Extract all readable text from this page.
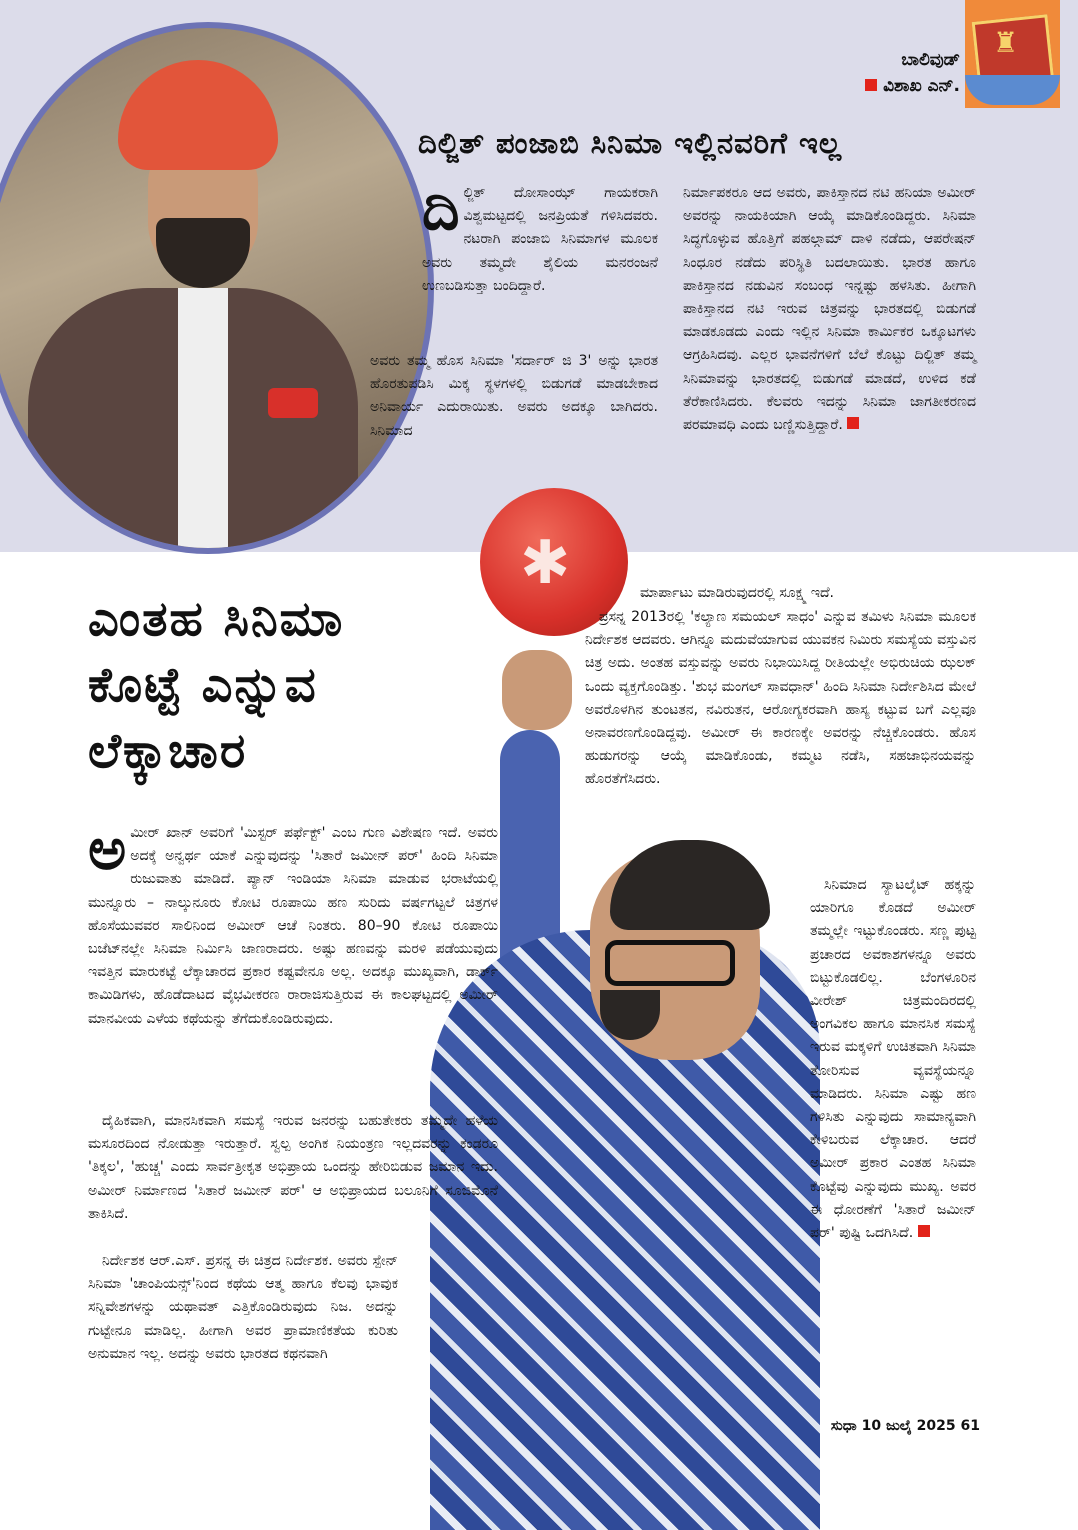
♜
ಬಾಲಿವುಡ್
ವಿಶಾಖ ಎನ್.
ದಿಲ್ಜಿತ್ ಪಂಜಾಬಿ ಸಿನಿಮಾ ಇಲ್ಲಿನವರಿಗೆ ಇಲ್ಲ
ದಿಲ್ಜಿತ್ ದೋಸಾಂಝ್ ಗಾಯಕರಾಗಿ ವಿಶ್ವಮಟ್ಟದಲ್ಲಿ ಜನಪ್ರಿಯತೆ ಗಳಿಸಿದವರು. ನಟರಾಗಿ ಪಂಜಾಬಿ ಸಿನಿಮಾಗಳ ಮೂಲಕ ಅವರು ತಮ್ಮದೇ ಶೈಲಿಯ ಮನರಂಜನೆ ಉಣಬಡಿಸುತ್ತಾ ಬಂದಿದ್ದಾರೆ.
ಅವರು ತಮ್ಮ ಹೊಸ ಸಿನಿಮಾ 'ಸರ್ದಾರ್ ಜಿ 3' ಅನ್ನು ಭಾರತ ಹೊರತುಪಡಿಸಿ ಮಿಕ್ಕ ಸ್ಥಳಗಳಲ್ಲಿ ಬಿಡುಗಡೆ ಮಾಡಬೇಕಾದ ಅನಿವಾರ್ಯ ಎದುರಾಯಿತು. ಅವರು ಅದಕ್ಕೂ ಬಾಗಿದರು. ಸಿನಿಮಾದ
ನಿರ್ಮಾಪಕರೂ ಆದ ಅವರು, ಪಾಕಿಸ್ತಾನದ ನಟಿ ಹನಿಯಾ ಅಮೀರ್ ಅವರನ್ನು ನಾಯಕಿಯಾಗಿ ಆಯ್ಕೆ ಮಾಡಿಕೊಂಡಿದ್ದರು. ಸಿನಿಮಾ ಸಿದ್ಧಗೊಳ್ಳುವ ಹೊತ್ತಿಗೆ ಪಹಲ್ಗಾಮ್ ದಾಳಿ ನಡೆದು, ಆಪರೇಷನ್ ಸಿಂಧೂರ ನಡೆದು ಪರಿಸ್ಥಿತಿ ಬದಲಾಯಿತು. ಭಾರತ ಹಾಗೂ ಪಾಕಿಸ್ತಾನದ ನಡುವಿನ ಸಂಬಂಧ ಇನ್ನಷ್ಟು ಹಳಸಿತು. ಹೀಗಾಗಿ ಪಾಕಿಸ್ತಾನದ ನಟಿ ಇರುವ ಚಿತ್ರವನ್ನು ಭಾರತದಲ್ಲಿ ಬಿಡುಗಡೆ ಮಾಡಕೂಡದು ಎಂದು ಇಲ್ಲಿನ ಸಿನಿಮಾ ಕಾರ್ಮಿಕರ ಒಕ್ಕೂಟಗಳು ಆಗ್ರಹಿಸಿದವು. ಎಲ್ಲರ ಭಾವನೆಗಳಿಗೆ ಬೆಲೆ ಕೊಟ್ಟು ದಿಲ್ಜಿತ್ ತಮ್ಮ ಸಿನಿಮಾವನ್ನು ಭಾರತದಲ್ಲಿ ಬಿಡುಗಡೆ ಮಾಡದೆ, ಉಳಿದ ಕಡೆ ತೆರೆಕಾಣಿಸಿದರು. ಕೆಲವರು ಇದನ್ನು ಸಿನಿಮಾ ಜಾಗತೀಕರಣದ ಪರಮಾವಧಿ ಎಂದು ಬಣ್ಣಿಸುತ್ತಿದ್ದಾರೆ.
✱
ಎಂತಹ ಸಿನಿಮಾ
ಕೊಟ್ಟೆ ಎನ್ನುವ
ಲೆಕ್ಕಾಚಾರ
ಅಮೀರ್ ಖಾನ್ ಅವರಿಗೆ 'ಮಿಸ್ಟರ್ ಪರ್ಫೆಕ್ಟ್' ಎಂಬ ಗುಣ ವಿಶೇಷಣ ಇದೆ. ಅವರು ಅದಕ್ಕೆ ಅನ್ವರ್ಥ ಯಾಕೆ ಎನ್ನುವುದನ್ನು 'ಸಿತಾರೆ ಜಮೀನ್ ಪರ್' ಹಿಂದಿ ಸಿನಿಮಾ ರುಜುವಾತು ಮಾಡಿದೆ. ಪ್ಯಾನ್ ಇಂಡಿಯಾ ಸಿನಿಮಾ ಮಾಡುವ ಭರಾಟೆಯಲ್ಲಿ ಮುನ್ನೂರು – ನಾಲ್ಕುನೂರು ಕೋಟಿ ರೂಪಾಯಿ ಹಣ ಸುರಿದು ವರ್ಷಗಟ್ಟಲೆ ಚಿತ್ರಗಳ ಹೊಸೆಯುವವರ ಸಾಲಿನಿಂದ ಅಮೀರ್ ಆಚೆ ನಿಂತರು. 80–90 ಕೋಟಿ ರೂಪಾಯಿ ಬಜೆಟ್‌ನಲ್ಲೇ ಸಿನಿಮಾ ನಿರ್ಮಿಸಿ ಜಾಣರಾದರು. ಅಷ್ಟು ಹಣವನ್ನು ಮರಳಿ ಪಡೆಯುವುದು ಇವತ್ತಿನ ಮಾರುಕಟ್ಟೆ ಲೆಕ್ಕಾಚಾರದ ಪ್ರಕಾರ ಕಷ್ಟವೇನೂ ಅಲ್ಲ. ಅದಕ್ಕೂ ಮುಖ್ಯವಾಗಿ, ಡಾರ್ಕ್ ಕಾಮಿಡಿಗಳು, ಹೊಡೆದಾಟದ ವೈಭವೀಕರಣ ರಾರಾಜಿಸುತ್ತಿರುವ ಈ ಕಾಲಘಟ್ಟದಲ್ಲಿ ಅಮೀರ್ ಮಾನವೀಯ ಎಳೆಯ ಕಥೆಯನ್ನು ತೆಗೆದುಕೊಂಡಿರುವುದು.
ದೈಹಿಕವಾಗಿ, ಮಾನಸಿಕವಾಗಿ ಸಮಸ್ಯೆ ಇರುವ ಜನರನ್ನು ಬಹುತೇಕರು ತಮ್ಮದೇ ಹಳೆಯ ಮಸೂರದಿಂದ ನೋಡುತ್ತಾ ಇರುತ್ತಾರೆ. ಸ್ವಲ್ಪ ಅಂಗಿಕ ನಿಯಂತ್ರಣ ಇಲ್ಲದವರನ್ನು ಕಂಡರೂ 'ತಿಕ್ಕಲ', 'ಹುಚ್ಚ' ಎಂದು ಸಾರ್ವತ್ರೀಕೃತ ಅಭಿಪ್ರಾಯ ಒಂದನ್ನು ಹೇರಿಬಿಡುವ ಜಮಾನ ಇದು. ಅಮೀರ್ ನಿರ್ಮಾಣದ 'ಸಿತಾರೆ ಜಮೀನ್ ಪರ್' ಆ ಅಭಿಪ್ರಾಯದ ಬಲೂನಿಗೆ ಸೂಜಿಮೊನೆ ತಾಕಿಸಿದೆ.
ನಿರ್ದೇಶಕ ಆರ್.ಎಸ್. ಪ್ರಸನ್ನ ಈ ಚಿತ್ರದ ನಿರ್ದೇಶಕ. ಅವರು ಸ್ಪೇನ್ ಸಿನಿಮಾ 'ಚಾಂಪಿಯನ್ಸ್'ನಿಂದ ಕಥೆಯ ಆತ್ಮ ಹಾಗೂ ಕೆಲವು ಭಾವುಕ ಸನ್ನಿವೇಶಗಳನ್ನು ಯಥಾವತ್ ಎತ್ತಿಕೊಂಡಿರುವುದು ನಿಜ. ಅದನ್ನು ಗುಟ್ಟೇನೂ ಮಾಡಿಲ್ಲ. ಹೀಗಾಗಿ ಅವರ ಪ್ರಾಮಾಣಿಕತೆಯ ಕುರಿತು ಅನುಮಾನ ಇಲ್ಲ. ಅದನ್ನು ಅವರು ಭಾರತದ ಕಥನವಾಗಿ
ಮಾರ್ಪಾಟು ಮಾಡಿರುವುದರಲ್ಲಿ ಸೂಕ್ಷ್ಮ ಇದೆ.
ಪ್ರಸನ್ನ 2013ರಲ್ಲಿ 'ಕಲ್ಯಾಣ ಸಮಯಲ್ ಸಾಧಂ' ಎನ್ನುವ ತಮಿಳು ಸಿನಿಮಾ ಮೂಲಕ ನಿರ್ದೇಶಕ ಆದವರು. ಆಗಿನ್ನೂ ಮದುವೆಯಾಗುವ ಯುವಕನ ನಿಮಿರು ಸಮಸ್ಯೆಯ ವಸ್ತುವಿನ ಚಿತ್ರ ಅದು. ಅಂತಹ ವಸ್ತುವನ್ನು ಅವರು ನಿಭಾಯಿಸಿದ್ದ ರೀತಿಯಲ್ಲೇ ಅಭಿರುಚಿಯ ಝಲಕ್ ಒಂದು ವ್ಯಕ್ತಗೊಂಡಿತ್ತು. 'ಶುಭ ಮಂಗಲ್ ಸಾವಧಾನ್' ಹಿಂದಿ ಸಿನಿಮಾ ನಿರ್ದೇಶಿಸಿದ ಮೇಲೆ ಅವರೊಳಗಿನ ತುಂಟತನ, ನವಿರುತನ, ಆರೋಗ್ಯಕರವಾಗಿ ಹಾಸ್ಯ ಕಟ್ಟುವ ಬಗೆ ಎಲ್ಲವೂ ಅನಾವರಣಗೊಂಡಿದ್ದವು. ಅಮೀರ್ ಈ ಕಾರಣಕ್ಕೇ ಅವರನ್ನು ನೆಚ್ಚಿಕೊಂಡರು. ಹೊಸ ಹುಡುಗರನ್ನು ಆಯ್ಕೆ ಮಾಡಿಕೊಂಡು, ಕಮ್ಮಟ ನಡೆಸಿ, ಸಹಜಾಭಿನಯವನ್ನು ಹೊರತೆಗೆಸಿದರು.
ಸಿನಿಮಾದ ಸ್ಯಾಟಲೈಟ್ ಹಕ್ಕನ್ನು ಯಾರಿಗೂ ಕೊಡದೆ ಅಮೀರ್ ತಮ್ಮಲ್ಲೇ ಇಟ್ಟುಕೊಂಡರು. ಸಣ್ಣ ಪುಟ್ಟ ಪ್ರಚಾರದ ಅವಕಾಶಗಳನ್ನೂ ಅವರು ಬಿಟ್ಟುಕೊಡಲಿಲ್ಲ. ಬೆಂಗಳೂರಿನ ವೀರೇಶ್ ಚಿತ್ರಮಂದಿರದಲ್ಲಿ ಅಂಗವಿಕಲ ಹಾಗೂ ಮಾನಸಿಕ ಸಮಸ್ಯೆ ಇರುವ ಮಕ್ಕಳಿಗೆ ಉಚಿತವಾಗಿ ಸಿನಿಮಾ ತೋರಿಸುವ ವ್ಯವಸ್ಥೆಯನ್ನೂ ಮಾಡಿದರು. ಸಿನಿಮಾ ಎಷ್ಟು ಹಣ ಗಳಿಸಿತು ಎನ್ನುವುದು ಸಾಮಾನ್ಯವಾಗಿ ಕೇಳಿಬರುವ ಲೆಕ್ಕಾಚಾರ. ಆದರೆ ಅಮೀರ್ ಪ್ರಕಾರ ಎಂತಹ ಸಿನಿಮಾ ಕೊಟ್ಟೆವು ಎನ್ನುವುದು ಮುಖ್ಯ. ಅವರ ಈ ಧೋರಣೆಗೆ 'ಸಿತಾರೆ ಜಮೀನ್ ಪರ್' ಪುಷ್ಟಿ ಒದಗಿಸಿದೆ.
ಸುಧಾ 10 ಜುಲೈ 2025 61
